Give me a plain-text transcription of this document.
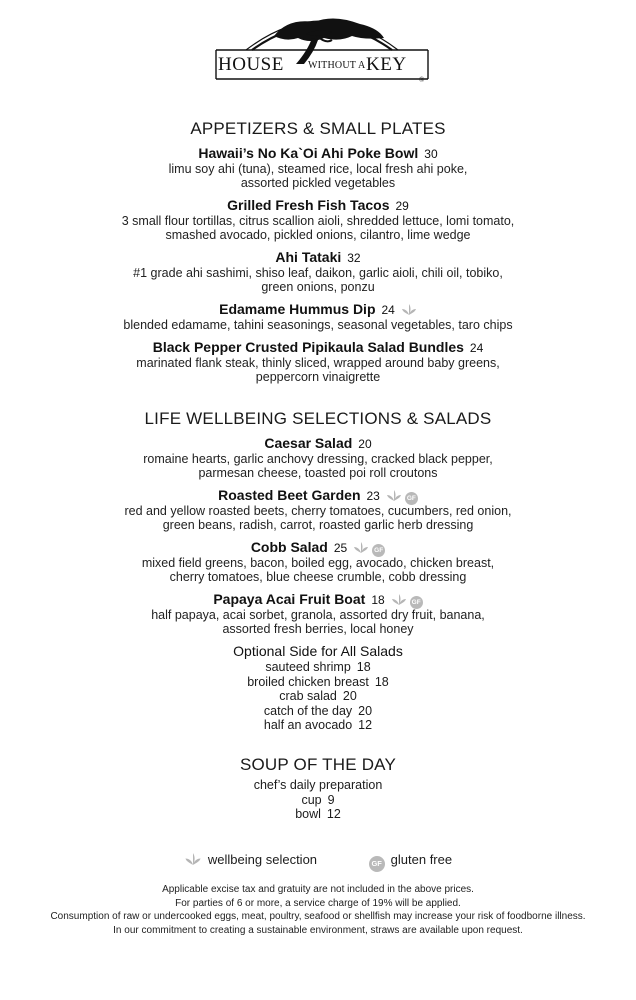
HOUSE WITHOUT A KEY
®
APPETIZERS & SMALL PLATES
Hawaii’s No Ka`Oi Ahi Poke Bowl 30
limu soy ahi (tuna), steamed rice, local fresh ahi poke,
assorted pickled vegetables
Grilled Fresh Fish Tacos 29
3 small flour tortillas, citrus scallion aioli, shredded lettuce, lomi tomato,
smashed avocado, pickled onions, cilantro, lime wedge
Ahi Tataki 32
#1 grade ahi sashimi, shiso leaf, daikon, garlic aioli, chili oil, tobiko,
green onions, ponzu
Edamame Hummus Dip 24
blended edamame, tahini seasonings, seasonal vegetables, taro chips
Black Pepper Crusted Pipikaula Salad Bundles 24
marinated flank steak, thinly sliced, wrapped around baby greens,
peppercorn vinaigrette
LIFE WELLBEING SELECTIONS & SALADS
Caesar Salad 20
romaine hearts, garlic anchovy dressing, cracked black pepper,
parmesan cheese, toasted poi roll croutons
Roasted Beet Garden 23	GF
red and yellow roasted beets, cherry tomatoes, cucumbers, red onion,
green beans, radish, carrot, roasted garlic herb dressing
Cobb Salad 25	GF
mixed field greens, bacon, boiled egg, avocado, chicken breast,
cherry tomatoes, blue cheese crumble, cobb dressing
Papaya Acai Fruit Boat 18	GF
half papaya, acai sorbet, granola, assorted dry fruit, banana,
assorted fresh berries, local honey
Optional Side for All Salads
sauteed shrimp 18
broiled chicken breast 18
crab salad 20
catch of the day 20
half an avocado 12
SOUP OF THE DAY
chef’s daily preparation
cup 9
bowl 12
wellbeing selection	GF gluten free
Applicable excise tax and gratuity are not included in the above prices.
For parties of 6 or more, a service charge of 19% will be applied.
Consumption of raw or undercooked eggs, meat, poultry, seafood or shellfish may increase your risk of foodborne illness.
In our commitment to creating a sustainable environment, straws are available upon request.
